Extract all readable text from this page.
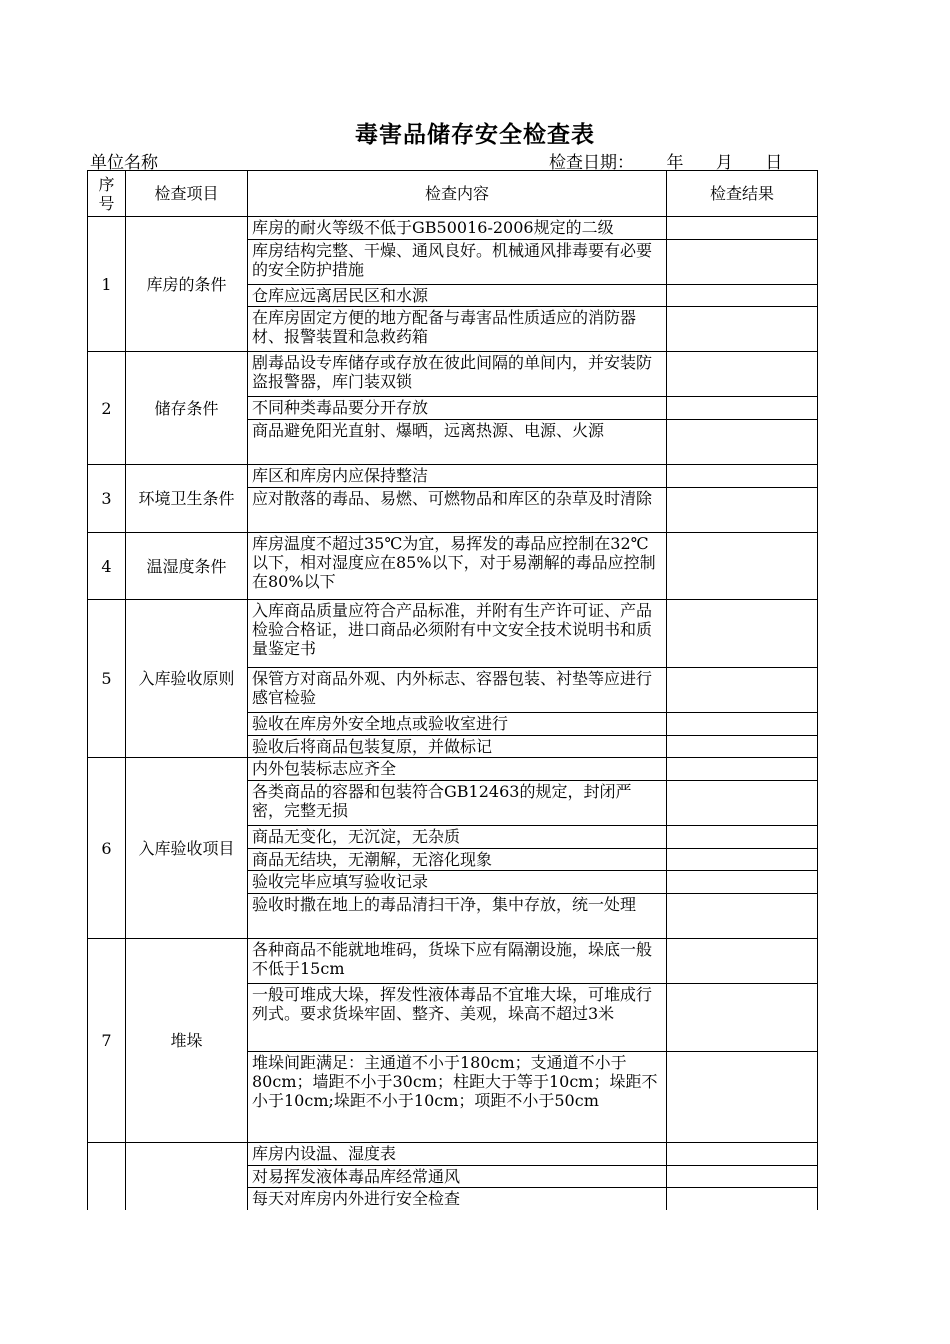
毒害品储存安全检查表
单位名称	检查日期： 年 月 日
序号	检查项目	检查内容	检查结果
1	库房的条件	库房的耐火等级不低于GB50016-2006规定的二级	
		库房结构完整、干燥、通风良好。机械通风排毒要有必要的安全防护措施	
		仓库应远离居民区和水源	
		在库房固定方便的地方配备与毒害品性质适应的消防器材、报警装置和急救药箱	
2	储存条件	剧毒品设专库储存或存放在彼此间隔的单间内，并安装防盗报警器，库门装双锁	
		不同种类毒品要分开存放	
		商品避免阳光直射、爆晒，远离热源、电源、火源	
3	环境卫生条件	库区和库房内应保持整洁	
		应对散落的毒品、易燃、可燃物品和库区的杂草及时清除	
4	温湿度条件	库房温度不超过35℃为宜，易挥发的毒品应控制在32℃以下，相对湿度应在85%以下，对于易潮解的毒品应控制在80%以下	
5	入库验收原则	入库商品质量应符合产品标准，并附有生产许可证、产品检验合格证，进口商品必须附有中文安全技术说明书和质量鉴定书	
		保管方对商品外观、内外标志、容器包装、衬垫等应进行感官检验	
		验收在库房外安全地点或验收室进行	
		验收后将商品包装复原，并做标记	
6	入库验收项目	内外包装标志应齐全	
		各类商品的容器和包装符合GB12463的规定，封闭严密，完整无损	
		商品无变化，无沉淀，无杂质	
		商品无结块，无潮解，无溶化现象	
		验收完毕应填写验收记录	
		验收时撒在地上的毒品清扫干净，集中存放，统一处理	
7	堆垛	各种商品不能就地堆码，货垛下应有隔潮设施，垛底一般不低于15cm	
		一般可堆成大垛，挥发性液体毒品不宜堆大垛，可堆成行列式。要求货垛牢固、整齐、美观，垛高不超过3米	
		堆垛间距满足：主通道不小于180cm；支通道不小于80cm；墙距不小于30cm；柱距大于等于10cm；垛距不小于10cm;垛距不小于10cm；项距不小于50cm	
		库房内设温、湿度表	
		对易挥发液体毒品库经常通风	
		每天对库房内外进行安全检查	
